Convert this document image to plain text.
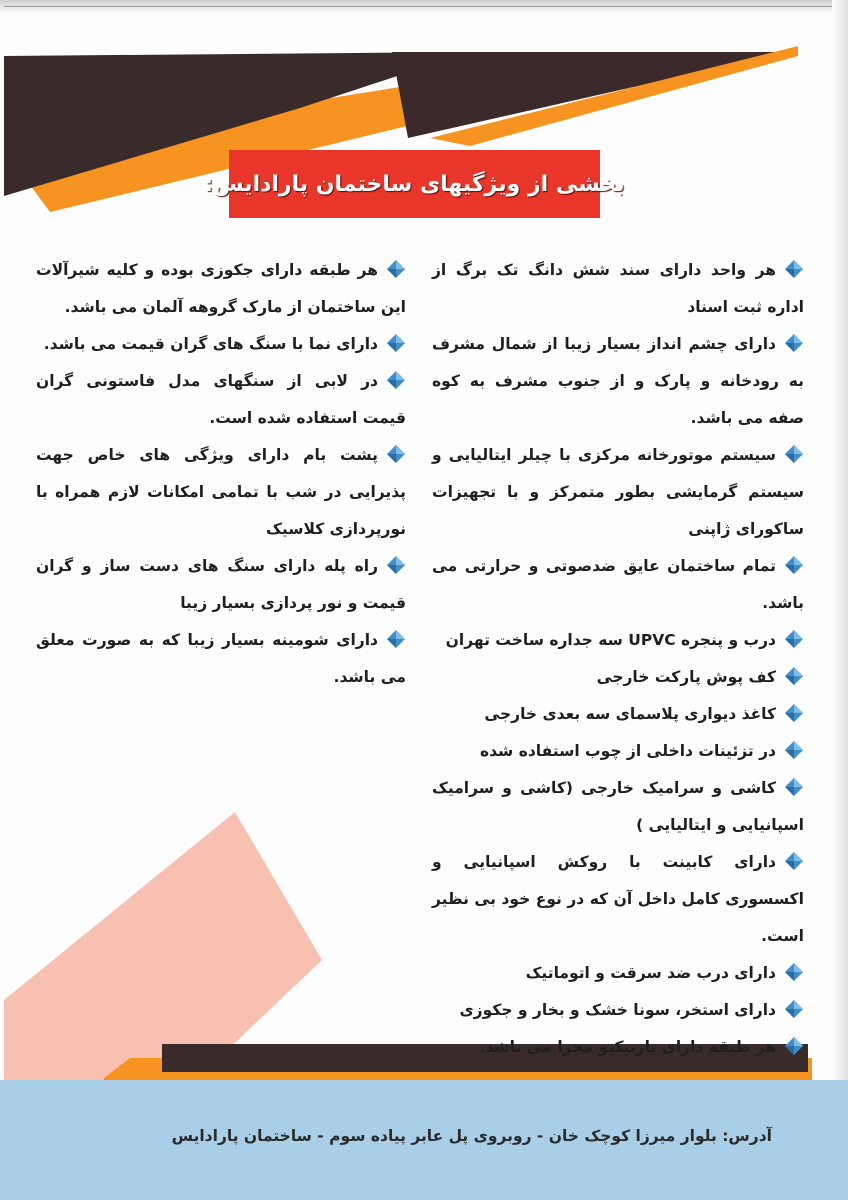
بخشی از ویژگیهای ساختمان پارادایس:

هر واحد دارای سند شش دانگ تک برگ از اداره ثبت اسناد

دارای چشم انداز بسیار زیبا از شمال مشرف به رودخانه و پارک و از جنوب مشرف به کوه صفه می باشد.

سیستم موتورخانه مرکزی با چیلر ایتالیایی و سیستم گرمایشی بطور متمرکز و با تجهیزات ساکورای ژاپنی

تمام ساختمان عایق ضدصوتی و حرارتی می باشد.

درب و پنجره UPVC سه جداره ساخت تهران

کف پوش پارکت خارجی

کاغذ دیواری پلاسمای سه بعدی خارجی

در تزئینات داخلی از چوب استفاده شده

کاشی و سرامیک خارجی (کاشی و سرامیک اسپانیایی و ایتالیایی )

دارای کابینت با روکش اسپانیایی و اکسسوری کامل داخل آن که در نوع خود بی نظیر است.

دارای درب ضد سرقت و اتوماتیک

دارای استخر، سونا خشک و بخار و جکوزی

هر طبقه دارای باربیکیو مجزا می باشد.

هر طبقه دارای جکوزی بوده و کلیه شیرآلات این ساختمان از مارک گروهه آلمان می باشد.

دارای نما با سنگ های گران قیمت می باشد.

در لابی از سنگهای مدل فاستونی گران قیمت استفاده شده است.

پشت بام دارای ویژگی های خاص جهت پذیرایی در شب با تمامی امکانات لازم همراه با نورپردازی کلاسیک

راه پله دارای سنگ های دست ساز و گران قیمت و نور پردازی بسیار زیبا

دارای شومینه بسیار زیبا که به صورت معلق می باشد.

آدرس: بلوار میرزا کوچک خان - روبروی پل عابر پیاده سوم - ساختمان پارادایس
